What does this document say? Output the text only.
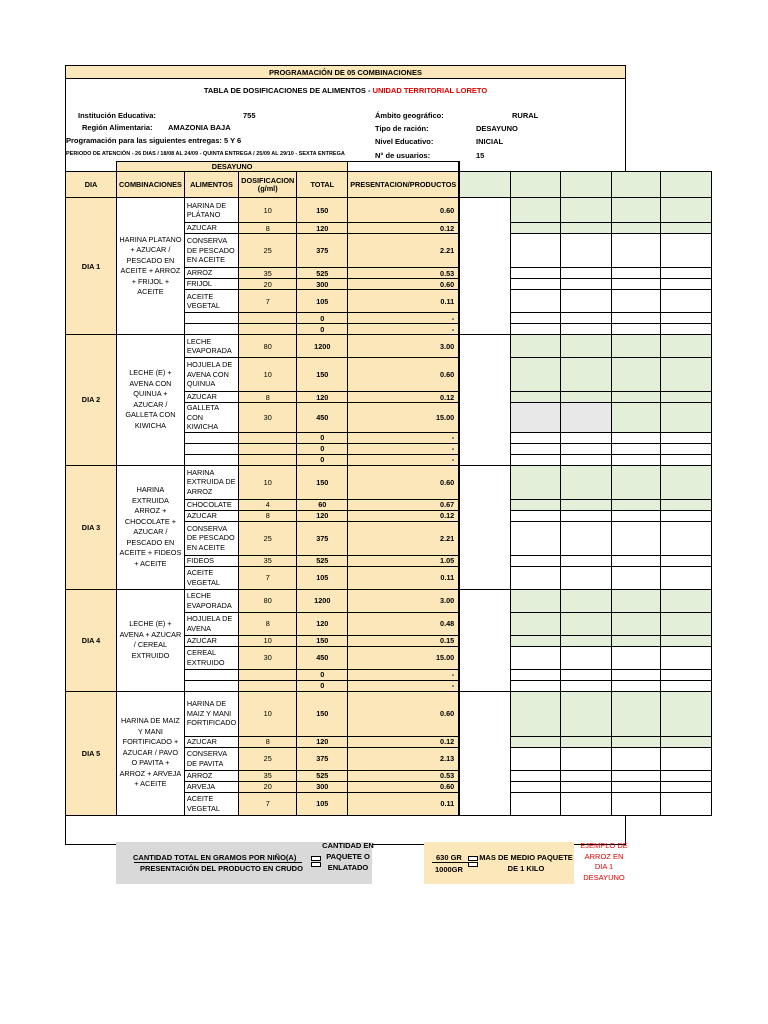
PROGRAMACIÓN DE 05 COMBINACIONES
TABLA DE DOSIFICACIONES DE ALIMENTOS - UNIDAD TERRITORIAL LORETO
Institución Educativa:	755
Región Alimentaria: AMAZONIA BAJA
Programación para las siguientes entregas: 5 Y 6
PERIODO DE ATENCIÓN - 26 DIAS / 18/08 AL 24/09 - QUINTA ENTREGA / 25/09 AL 29/10 - SEXTA ENTREGA
Ámbito geográfico:	RURAL
Tipo de ración:	DESAYUNO
Nivel Educativo:	INICIAL
N° de usuarios:	15
	DESAYUNO									
DIA	COMBINACIONES	ALIMENTOS	DOSIFICACION (g/ml)	TOTAL	PRESENTACION/PRODUCTOS					
DIA 1	HARINA PLATANO + AZUCAR / PESCADO EN ACEITE + ARROZ + FRIJOL + ACEITE	HARINA DE PLÁTANO	10	150	0.60					
		AZUCAR	8	120	0.12					
		CONSERVA DE PESCADO EN ACEITE	25	375	2.21					
		ARROZ	35	525	0.53					
		FRIJOL	20	300	0.60					
		ACEITE VEGETAL	7	105	0.11					
				0	-					
				0	-					
DIA 2	LECHE (E) + AVENA CON QUINUA + AZUCAR / GALLETA CON KIWICHA	LECHE EVAPORADA	80	1200	3.00					
		HOJUELA DE AVENA CON QUINUA	10	150	0.60					
		AZUCAR	8	120	0.12					
		GALLETA CON KIWICHA	30	450	15.00					
				0	-					
				0	-					
				0	-					
DIA 3	HARINA EXTRUIDA ARROZ + CHOCOLATE + AZUCAR / PESCADO EN ACEITE + FIDEOS + ACEITE	HARINA EXTRUIDA DE ARROZ	10	150	0.60					
		CHOCOLATE	4	60	0.67					
		AZUCAR	8	120	0.12					
		CONSERVA DE PESCADO EN ACEITE	25	375	2.21					
		FIDEOS	35	525	1.05					
		ACEITE VEGETAL	7	105	0.11					
DIA 4	LECHE (E) + AVENA + AZUCAR / CEREAL EXTRUIDO	LECHE EVAPORADA	80	1200	3.00					
		HOJUELA DE AVENA	8	120	0.48					
		AZUCAR	10	150	0.15					
		CEREAL EXTRUIDO	30	450	15.00					
				0	-					
				0	-					
DIA 5	HARINA DE MAIZ Y MANI FORTIFICADO + AZUCAR / PAVO O PAVITA + ARROZ + ARVEJA + ACEITE	HARINA DE MAIZ Y MANI FORTIFICADO	10	150	0.60					
		AZUCAR	8	120	0.12					
		CONSERVA DE PAVITA	25	375	2.13					
		ARROZ	35	525	0.53					
		ARVEJA	20	300	0.60					
		ACEITE VEGETAL	7	105	0.11					
CANTIDAD TOTAL EN GRAMOS POR NIÑO(A)
PRESENTACIÓN DEL PRODUCTO EN CRUDO
CANTIDAD EN PAQUETE O ENLATADO
630 GR
1000GR
MAS DE MEDIO PAQUETE DE 1 KILO
EJEMPLO DE ARROZ EN DIA 1 DESAYUNO
